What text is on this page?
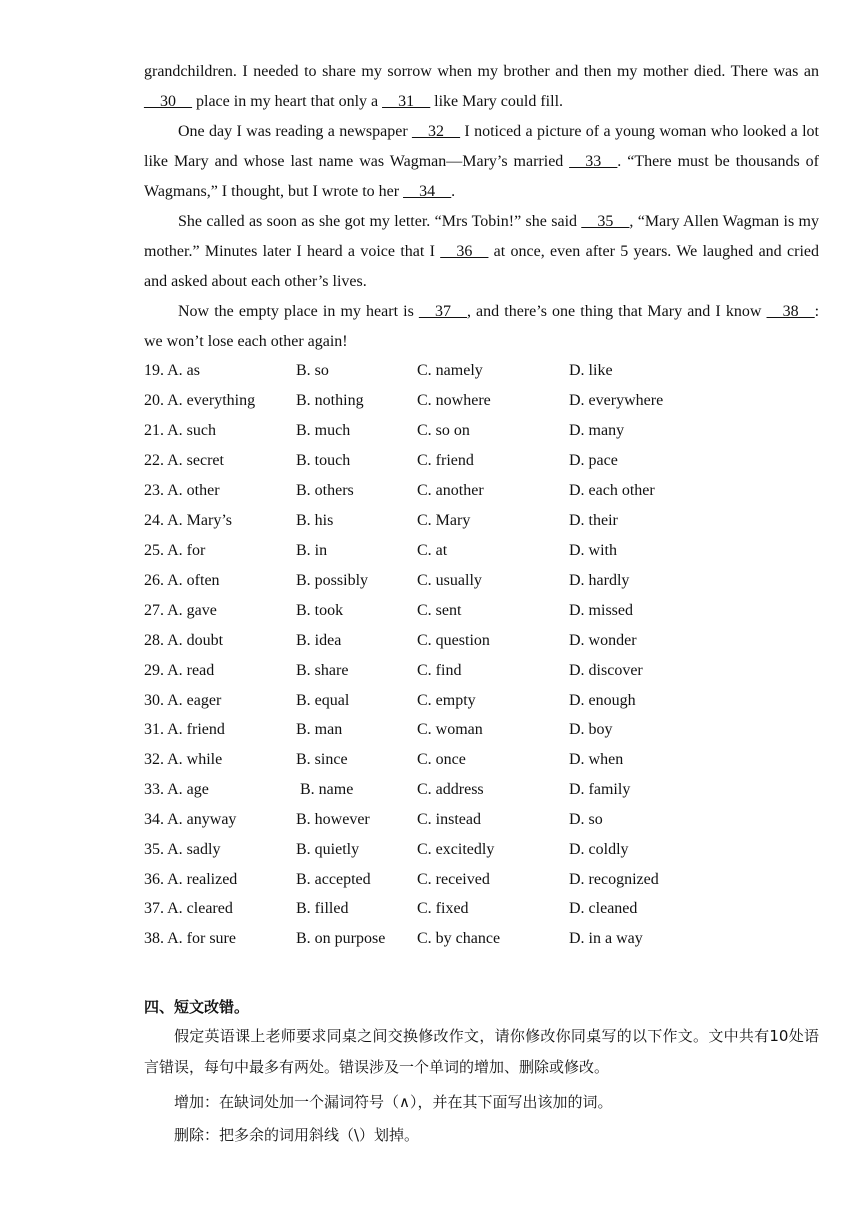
grandchildren. I needed to share my sorrow when my brother and then my mother died. There was an __30__ place in my heart that only a __31__ like Mary could fill.

One day I was reading a newspaper __32__ I noticed a picture of a young woman who looked a lot like Mary and whose last name was Wagman—Mary’s married __33__. “There must be thousands of Wagmans,” I thought, but I wrote to her __34__.

She called as soon as she got my letter. “Mrs Tobin!” she said __35__, “Mary Allen Wagman is my mother.” Minutes later I heard a voice that I __36__ at once, even after 5 years. We laughed and cried and asked about each other’s lives.

Now the empty place in my heart is __37__, and there’s one thing that Mary and I know __38__: we won’t lose each other again!

19. A. as	B. so	C. namely	D. like
20. A. everything	B. nothing	C. nowhere	D. everywhere
21. A. such	B. much	C. so on	D. many
22. A. secret	B. touch	C. friend	D. pace
23. A. other	B. others	C. another	D. each other
24. A. Mary’s	B. his	C. Mary	D. their
25. A. for	B. in	C. at	D. with
26. A. often	B. possibly	C. usually	D. hardly
27. A. gave	B. took	C. sent	D. missed
28. A. doubt	B. idea	C. question	D. wonder
29. A. read	B. share	C. find	D. discover
30. A. eager	B. equal	C. empty	D. enough
31. A. friend	B. man	C. woman	D. boy
32. A. while	B. since	C. once	D. when
33. A. age	B. name	C. address	D. family
34. A. anyway	B. however	C. instead	D. so
35. A. sadly	B. quietly	C. excitedly	D. coldly
36. A. realized	B. accepted	C. received	D. recognized
37. A. cleared	B. filled	C. fixed	D. cleaned
38. A. for sure	B. on purpose C. by chance	D. in a way
四、短文改错。

假定英语课上老师要求同桌之间交换修改作文，请你修改你同桌写的以下作文。文中共有10处语言错误，每句中最多有两处。错误涉及一个单词的增加、删除或修改。

增加：在缺词处加一个漏词符号（∧），并在其下面写出该加的词。

删除：把多余的词用斜线（\）划掉。
